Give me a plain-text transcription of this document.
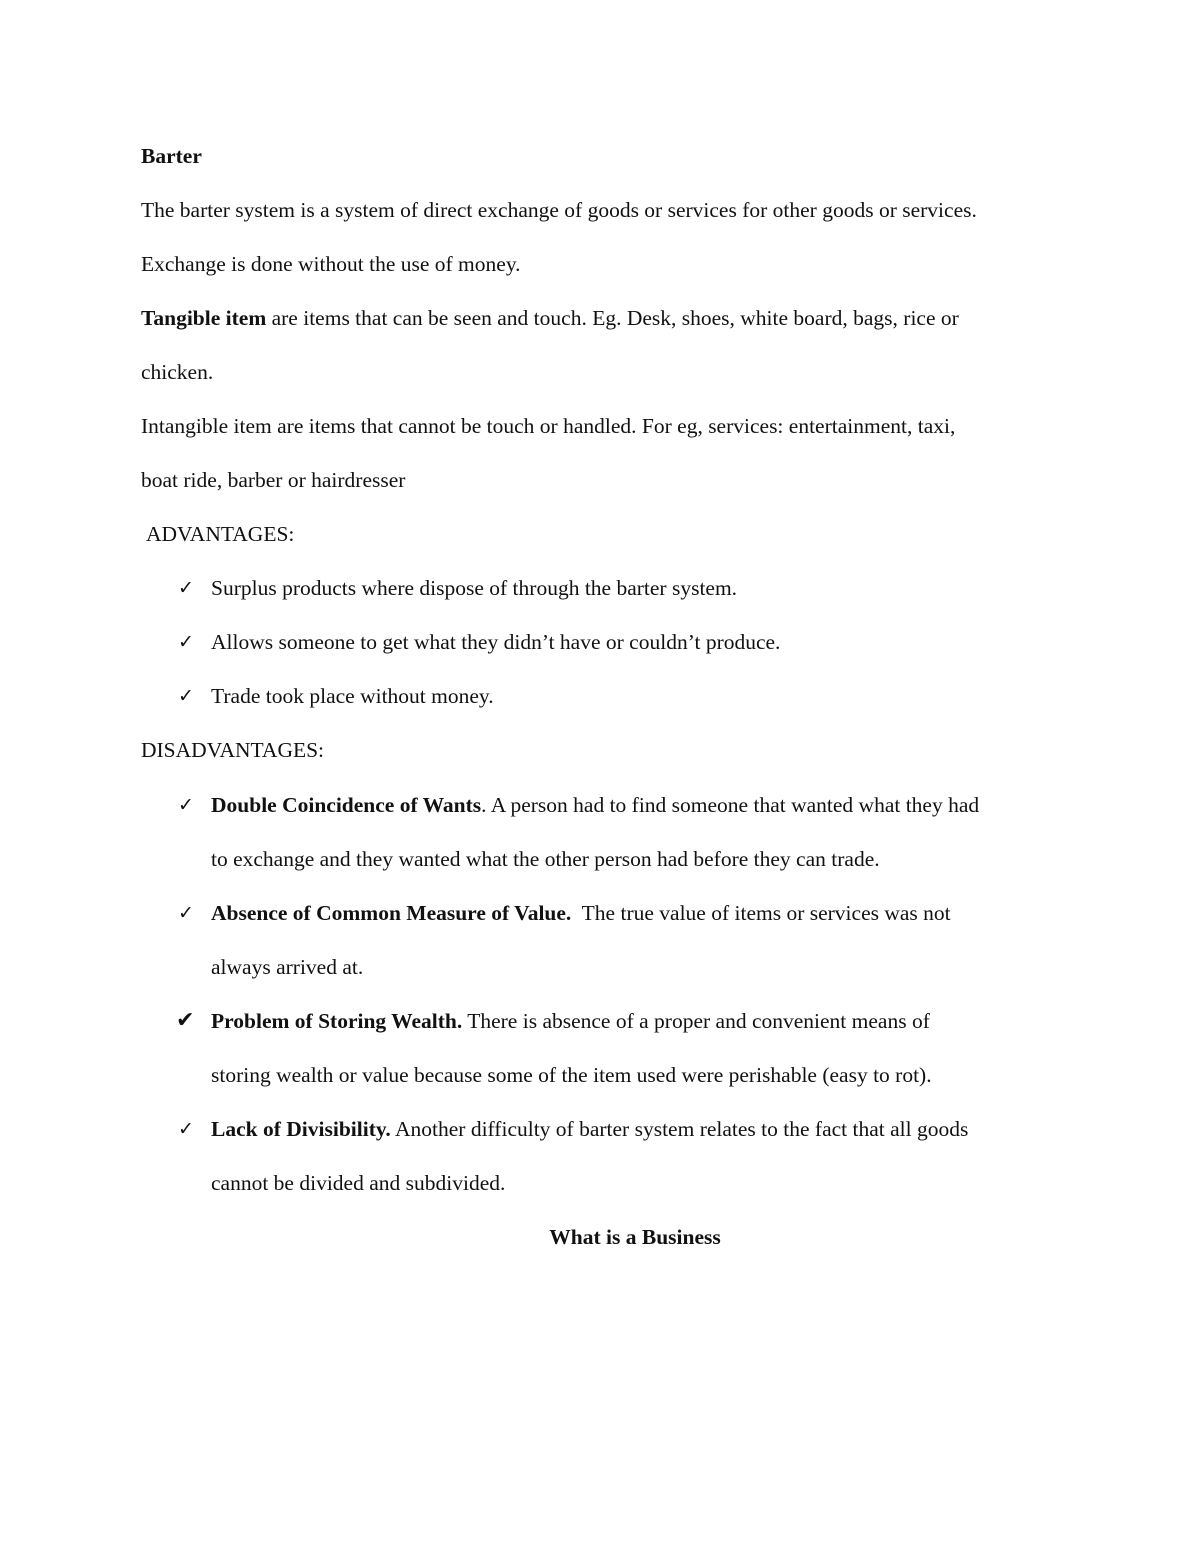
Barter
The barter system is a system of direct exchange of goods or services for other goods or services.
Exchange is done without the use of money.
Tangible item are items that can be seen and touch. Eg. Desk, shoes, white board, bags, rice or
chicken.
Intangible item are items that cannot be touch or handled. For eg, services: entertainment, taxi,
boat ride, barber or hairdresser
ADVANTAGES:
✓ Surplus products where dispose of through the barter system.
✓ Allows someone to get what they didn’t have or couldn’t produce.
✓ Trade took place without money.
DISADVANTAGES:
✓ Double Coincidence of Wants. A person had to find someone that wanted what they had
to exchange and they wanted what the other person had before they can trade.
✓ Absence of Common Measure of Value.  The true value of items or services was not
always arrived at.
✔ Problem of Storing Wealth. There is absence of a proper and convenient means of
storing wealth or value because some of the item used were perishable (easy to rot).
✓ Lack of Divisibility. Another difficulty of barter system relates to the fact that all goods
cannot be divided and subdivided.
What is a Business
